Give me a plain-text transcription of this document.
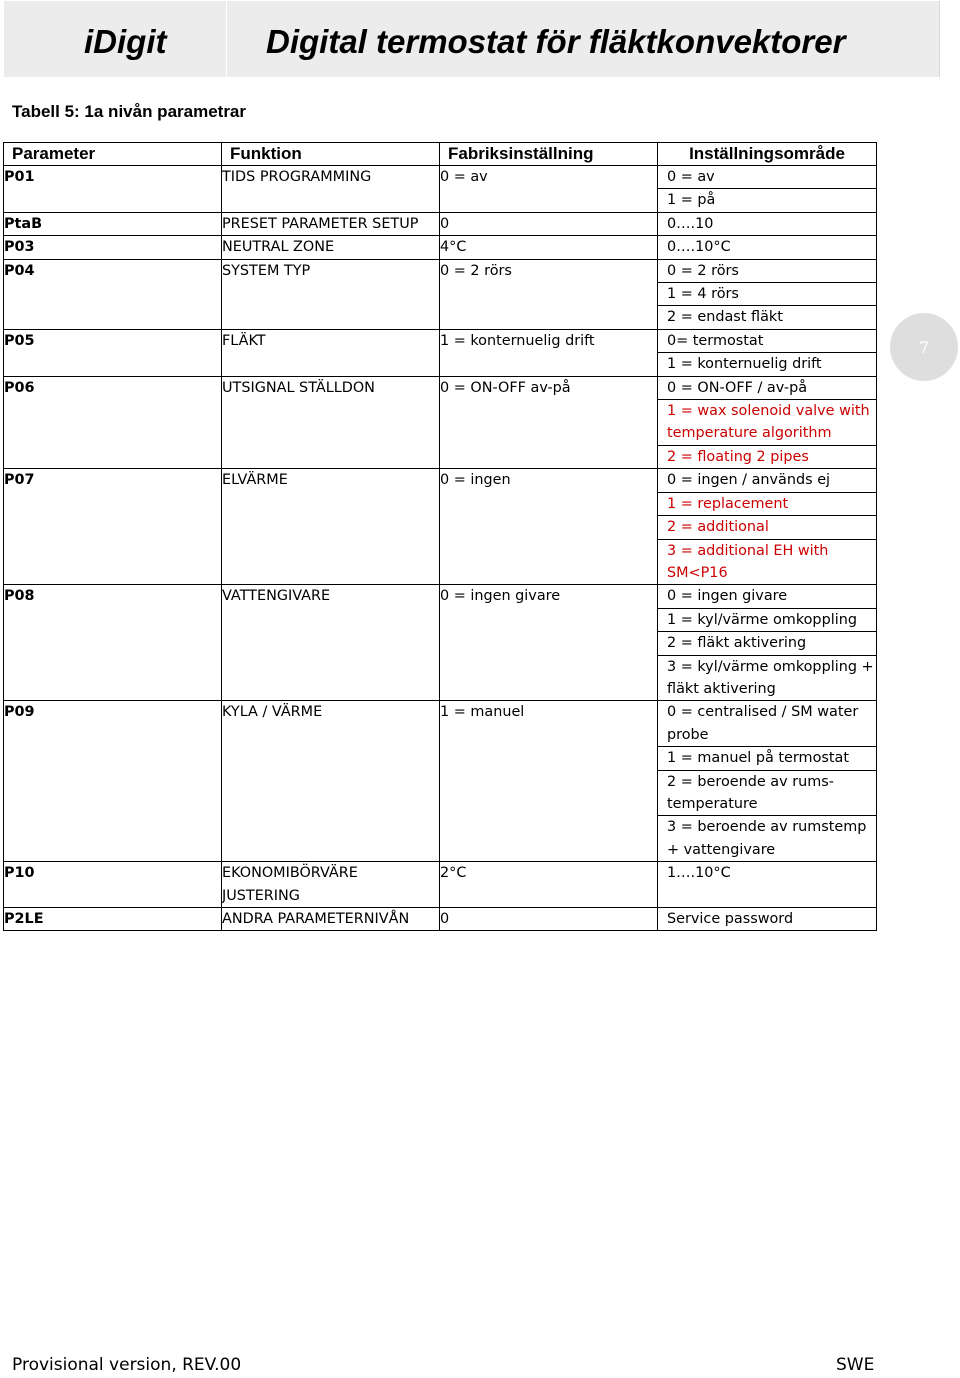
iDigit	Digital termostat för fläktkonvektorer
Tabell 5: 1a nivån parametrar
Parameter	Funktion	Fabriksinställning	Inställningsområde
P01	TIDS PROGRAMMING	0 = av	0 = av
1 = på

PtaB	PRESET PARAMETER SETUP	0	0….10

P03	NEUTRAL ZONE	4°C	0….10°C

P04	SYSTEM TYP	0 = 2 rörs	0 = 2 rörs
1 = 4 rörs
2 = endast fläkt

P05	FLÄKT	1 = konternuelig drift	0= termostat
1 = konternuelig drift

P06	UTSIGNAL STÄLLDON	0 = ON-OFF av-på	0 = ON-OFF / av-på
1 = wax solenoid valve with temperature algorithm
2 = floating 2 pipes

P07	ELVÄRME	0 = ingen	0 = ingen / används ej
1 = replacement
2 = additional
3 = additional EH with SM<P16

P08	VATTENGIVARE	0 = ingen givare	0 = ingen givare
1 = kyl/värme omkoppling
2 = fläkt aktivering
3 = kyl/värme omkoppling + fläkt aktivering

P09	KYLA / VÄRME	1 = manuel	0 = centralised / SM water probe
1 = manuel på termostat
2 = beroende av rums-temperature
3 = beroende av rumstemp + vattengivare

P10	EKONOMIBÖRVÄRE JUSTERING	2°C	1….10°C

P2LE	ANDRA PARAMETERNIVÅN	0	Service password
7
Provisional version, REV.00	SWE
